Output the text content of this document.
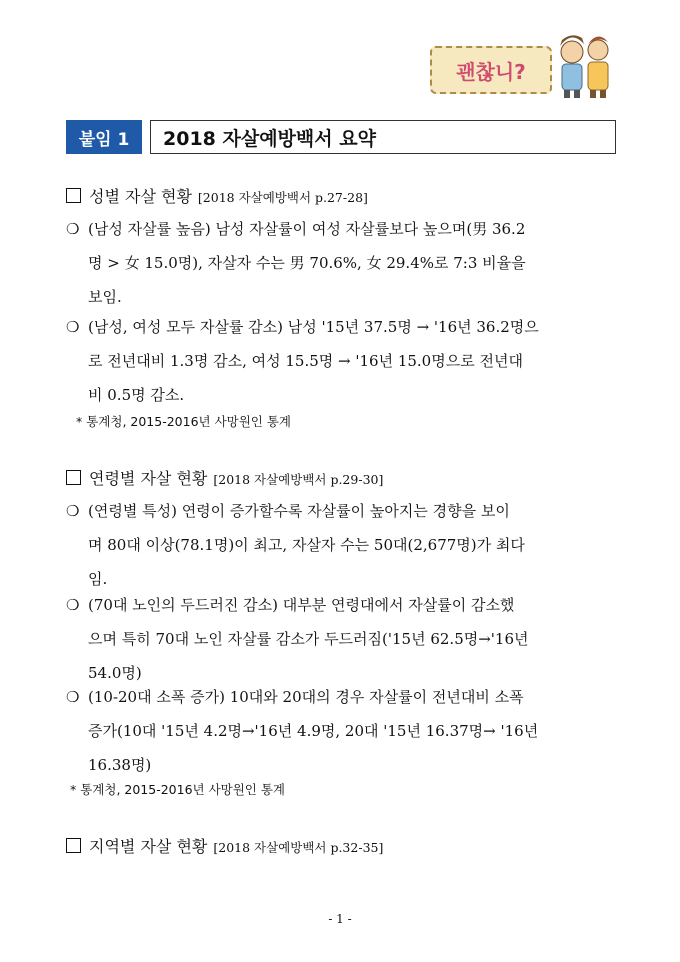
괜찮니?
붙임 1	2018 자살예방백서 요약
성별 자살 현황 [2018 자살예방백서 p.27-28]
❍ (남성 자살률 높음) 남성 자살률이 여성 자살률보다 높으며(男 36.2
명 > 女 15.0명), 자살자 수는 男 70.6%, 女 29.4%로 7:3 비율을
보임.
❍ (남성, 여성 모두 자살률 감소) 남성 '15년 37.5명 → '16년 36.2명으
로 전년대비 1.3명 감소, 여성 15.5명 → '16년 15.0명으로 전년대
비 0.5명 감소.
* 통계청, 2015-2016년 사망원인 통계
연령별 자살 현황 [2018 자살예방백서 p.29-30]
❍ (연령별 특성) 연령이 증가할수록 자살률이 높아지는 경향을 보이
며 80대 이상(78.1명)이 최고, 자살자 수는 50대(2,677명)가 최다
임.
❍ (70대 노인의 두드러진 감소) 대부분 연령대에서 자살률이 감소했
으며 특히 70대 노인 자살률 감소가 두드러짐('15년 62.5명→'16년
54.0명)
❍ (10-20대 소폭 증가) 10대와 20대의 경우 자살률이 전년대비 소폭
증가(10대 '15년 4.2명→'16년 4.9명, 20대 '15년 16.37명→ '16년
16.38명)
* 통계청, 2015-2016년 사망원인 통계
지역별 자살 현황 [2018 자살예방백서 p.32-35]
- 1 -
